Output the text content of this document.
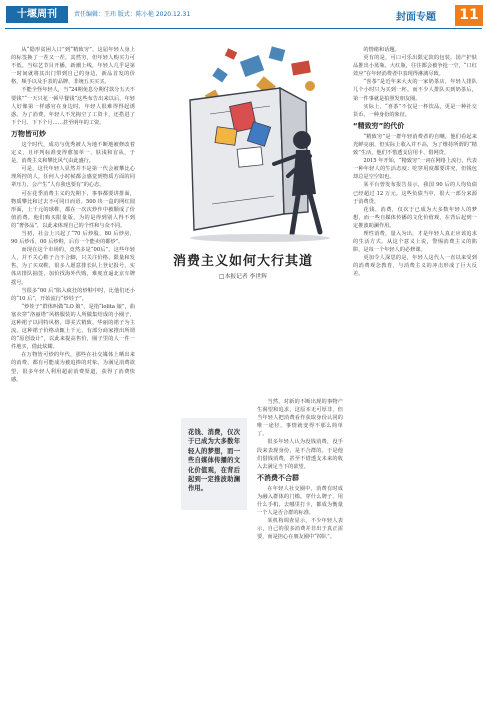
十堰周刊	责任编辑：王玮 版式：陈小艳 2020.12.31	封面专题	11

从“隐形贫困人口”到“精致穷”，这届年轻人身上的标签换了一茬又一茬。其然穷，但年轻人购买力可不低。当综艺节目开播，新潮上线，年轻人几乎是第一时间就将其出门带到自己的身边，新品首发的价格，频手以及手表的品牌，非统五买买买。

不能全怪年轻人，当“24期免息分期付款分五天不要钱”“一天只花一顿早餐钱”这些布告出来以后，年轻人好像第一样感官在身边时，年轻人很难得得起诱惑。为了消费，年轻人不光掏空了工资卡，还搭进了下个月、下下个月……甚至明年的工资。

万物皆可炒

这个时代，成功与优秀被人为地不断地被修改着定义，且评判标准变得愈加单一、肤浅和盲从，于是，消费主义和攀比风气由此盛行。

可是，这代年轻人显然并不是第一代会被攀比心理所控的人。任何人小时候都会感觉到物质方面的同辈压力，会产生“人有我也要有”的心态。

可在花季消费主义的先期下，事事都要讲排面，物质攀比和过去不可同日而语。500 块一盒的网红圆形面，上千元的球鞋，都在一次次炒作中被顺成了价值消费。他们购买限量版，为的是得到别人得不到的“奢侈品”，以此来体现自己的个性和与众不同。

当初，社会上兴起了“70 后炒股，80 后炒房，90 后炒币，00 后炒鞋，后有一个能卖的都炒”。

而现在这个市场的，竟然多是“00后”。这些年轻人，并不关心鞋子合不合脚，只关注价格、限量和发售。为了买双鞋，很多人愿意排长队上登记报号，实体店排队抽签，加价找海外代购，难度直逼北京车牌摇号。

当很多“00 后”陷入疯狂的炒鞋中时，比他们还小的“10 后”，开始流行“炒娃子”。

“炒娃子”群体叫做“LO 娘”，是指“lolita 娘”，曲塞衣穿“洛丽塔”风格服装的人所做集结成的小圈子，这种裙子以同特风格，即美式精致、华丽的裙子为主流。这种裙子价格动辄上千元，有部分商家推出所谓的“原创设计”，以此来提高售价，圈子里的人一件一件地买，借此炫耀。

在万物皆可炒的年代，那些在社交媒体上晒出来的消费，都有可能成为被追捧的对象。为满足消费欲望，很多年轻人利用超前消费渠道，获得了消费快感。

消费主义如何大行其道
□本报记者 李世辉
花钱、消费，仅次于已成为大多数年轻人的梦想，而一些自媒体传播的文化价值观，在背后起到一定推波助澜作用。

当然，对新的不断出现的事物产生渴望和追求，这原本无可厚非，但当年轻人把消费看作获取身份认同的唯一途径，事情就变得不那么简单了。

很多年轻人认为没钱消费，没手段来表现身份，是不合群的。于是他们借钱消费，甚至不惜透支未来的收入去满足当下的欲望。

不消费不合群

在年轻人社交圈中，消费有时成为融入群体的门槛。穿什么牌子、用什么手机、去哪里打卡，都成为衡量一个人是否合群的标准。

某机构调查显示，不少年轻人表示，自己的很多消费并非出于真正需要，而是担心在朋友圈中“掉队”。

的情绪和话题。

更有的是，可口可乐出限定款的包装，国产护肤品推出小蓝瓶、大红瓶，往往都会被争抢一空，“口红效应”在年轻消费者中表现得淋漓尽致。

“喜茶”是近年来大火的一家奶茶店，年轻人排队几个小时只为买到一杯。而不少人排队买到奶茶后，第一件事就是拍照发朋友圈。

实际上，“喜茶”不仅是一杯饮品，更是一种社交货币，一种身份的象征。

“精致穷”的代价

“精致穷”是一群年轻消费者的自嘲，他们看起来光鲜亮丽，但实际上收入并不高，为了维持所谓的“精致”生活，他们不惜透支信用卡、借网贷。

2015 年开始，“精致穷”一词在网络上流行，代表一种年轻人的生活态度：吃穿用度都要讲究，但钱包却总是空空如也。

某平台曾发布报告显示，我国 90 后的人均负债已经超过 12 万元。这些负债当中，很大一部分来源于消费贷。

花钱、消费，仅次于已成为大多数年轻人的梦想，而一些自媒体传播的文化价值观，在背后起到一定推波助澜作用。

理性消费，量入为出，才是年轻人真正应该追求的生活方式。从这个意义上说，警惕消费主义的陷阱，是每一个年轻人的必修课。

更加令人深思的是，年轻人这代人一直以来受到的消费观念教育，与消费主义的冲击形成了巨大反差。
